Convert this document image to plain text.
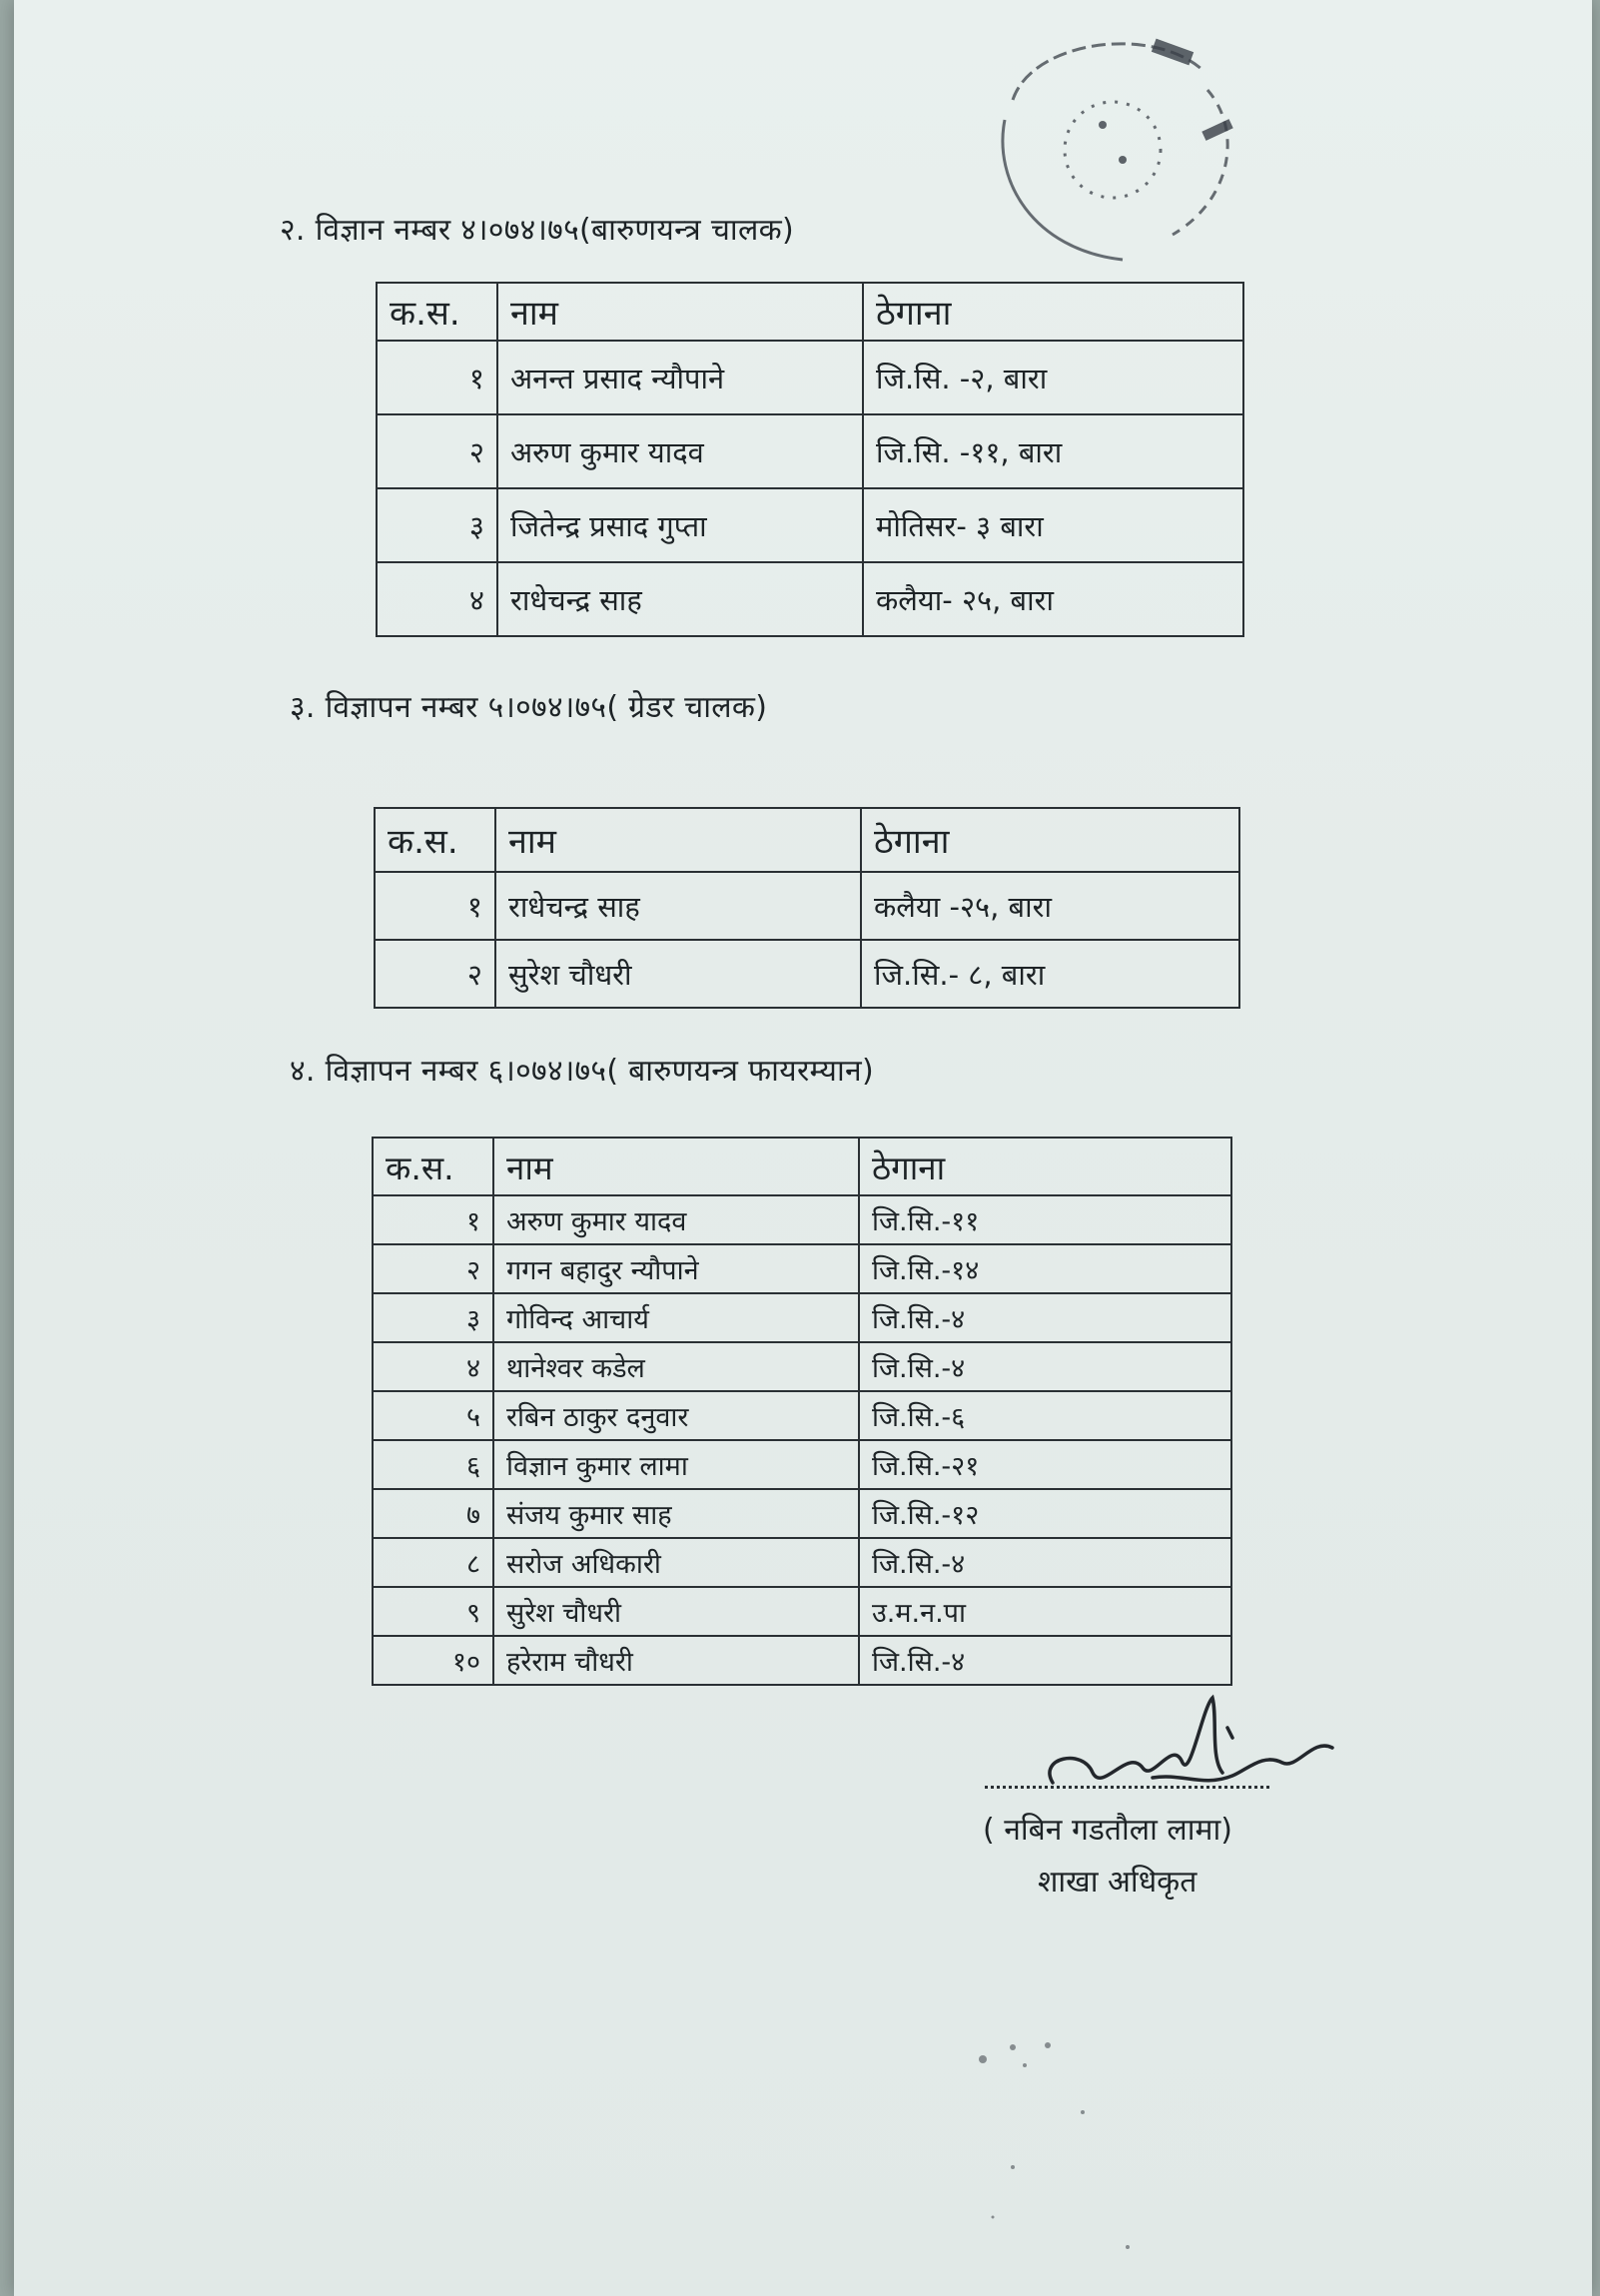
२. विज्ञान नम्बर ४।०७४।७५(बारुणयन्त्र चालक)
क.स.	नाम	ठेगाना
१	अनन्त प्रसाद न्यौपाने	जि.सि. -२, बारा
२	अरुण कुमार यादव	जि.सि. -११, बारा
३	जितेन्द्र प्रसाद गुप्ता	मोतिसर- ३ बारा
४	राधेचन्द्र साह	कलैया- २५, बारा
३. विज्ञापन नम्बर ५।०७४।७५( ग्रेडर चालक)
क.स.	नाम	ठेगाना
१	राधेचन्द्र साह	कलैया -२५, बारा
२	सुरेश चौधरी	जि.सि.- ८, बारा
४. विज्ञापन नम्बर ६।०७४।७५( बारुणयन्त्र फायरम्यान)
क.स.	नाम	ठेगाना
१	अरुण कुमार यादव	जि.सि.-११
२	गगन बहादुर न्यौपाने	जि.सि.-१४
३	गोविन्द आचार्य	जि.सि.-४
४	थानेश्वर कडेल	जि.सि.-४
५	रबिन ठाकुर दनुवार	जि.सि.-६
६	विज्ञान कुमार लामा	जि.सि.-२१
७	संजय कुमार साह	जि.सि.-१२
८	सरोज अधिकारी	जि.सि.-४
९	सुरेश चौधरी	उ.म.न.पा
१०	हरेराम चौधरी	जि.सि.-४
( नबिन गडतौला लामा)
शाखा अधिकृत
